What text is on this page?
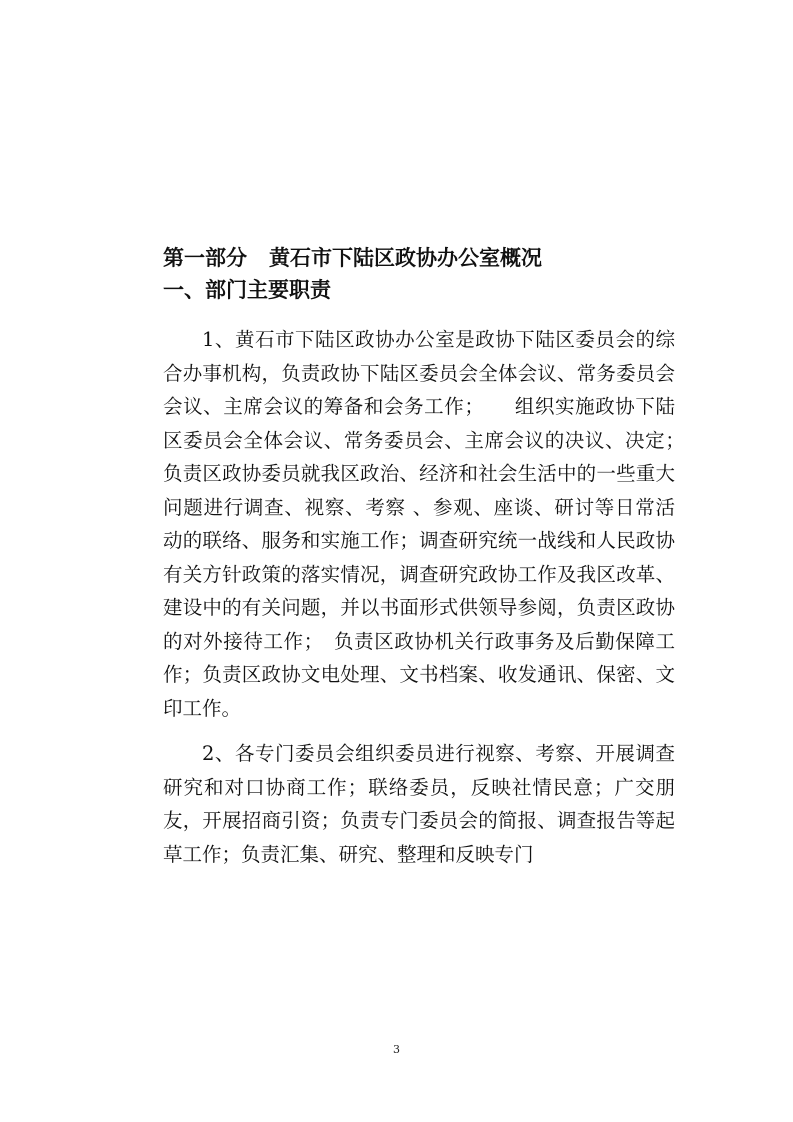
第一部分 黄石市下陆区政协办公室概况
一、部门主要职责

1、黄石市下陆区政协办公室是政协下陆区委员会的综合办事机构，负责政协下陆区委员会全体会议、常务委员会会议、主席会议的筹备和会务工作；　　组织实施政协下陆区委员会全体会议、常务委员会、主席会议的决议、决定；　负责区政协委员就我区政治、经济和社会生活中的一些重大问题进行调查、视察、考察 、参观、座谈、研讨等日常活动的联络、服务和实施工作；调查研究统一战线和人民政协有关方针政策的落实情况，调查研究政协工作及我区改革、建设中的有关问题，并以书面形式供领导参阅，负责区政协的对外接待工作；　负责区政协机关行政事务及后勤保障工作；负责区政协文电处理、文书档案、收发通讯、保密、文印工作。

2、各专门委员会组织委员进行视察、考察、开展调查研究和对口协商工作；联络委员，反映社情民意；广交朋友，开展招商引资；负责专门委员会的简报、调查报告等起草工作；负责汇集、研究、整理和反映专门

3
